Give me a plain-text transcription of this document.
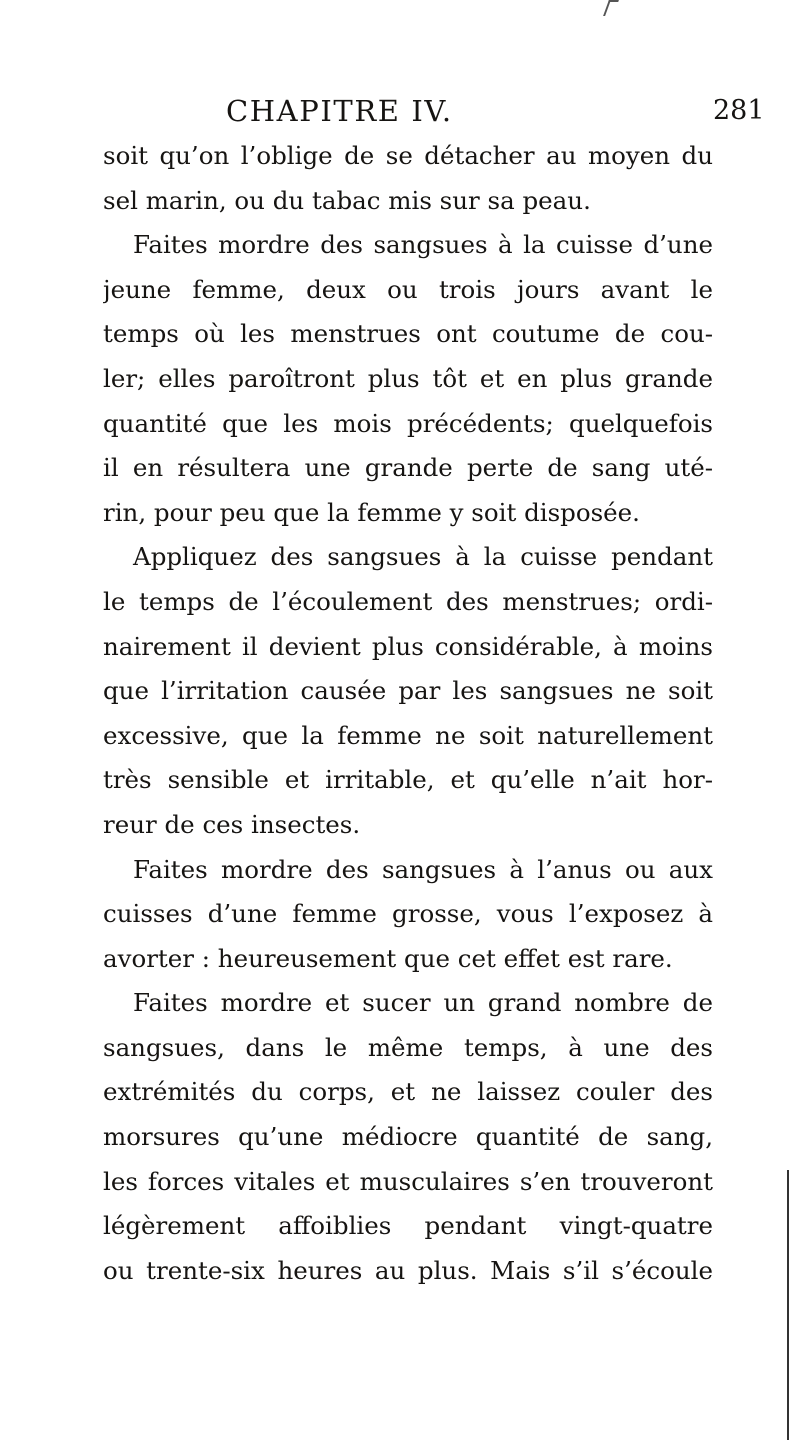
CHAPITRE IV.	281
soit qu’on l’oblige de se détacher au moyen du
sel marin, ou du tabac mis sur sa peau.
Faites mordre des sangsues à la cuisse d’une
jeune femme, deux ou trois jours avant le
temps où les menstrues ont coutume de cou-
ler; elles paroîtront plus tôt et en plus grande
quantité que les mois précédents; quelquefois
il en résultera une grande perte de sang uté-
rin, pour peu que la femme y soit disposée.
Appliquez des sangsues à la cuisse pendant
le temps de l’écoulement des menstrues; ordi-
nairement il devient plus considérable, à moins
que l’irritation causée par les sangsues ne soit
excessive, que la femme ne soit naturellement
très sensible et irritable, et qu’elle n’ait hor-
reur de ces insectes.
Faites mordre des sangsues à l’anus ou aux
cuisses d’une femme grosse, vous l’exposez à
avorter : heureusement que cet effet est rare.
Faites mordre et sucer un grand nombre de
sangsues, dans le même temps, à une des
extrémités du corps, et ne laissez couler des
morsures qu’une médiocre quantité de sang,
les forces vitales et musculaires s’en trouveront
légèrement affoiblies pendant vingt-quatre
ou trente-six heures au plus. Mais s’il s’écoule
